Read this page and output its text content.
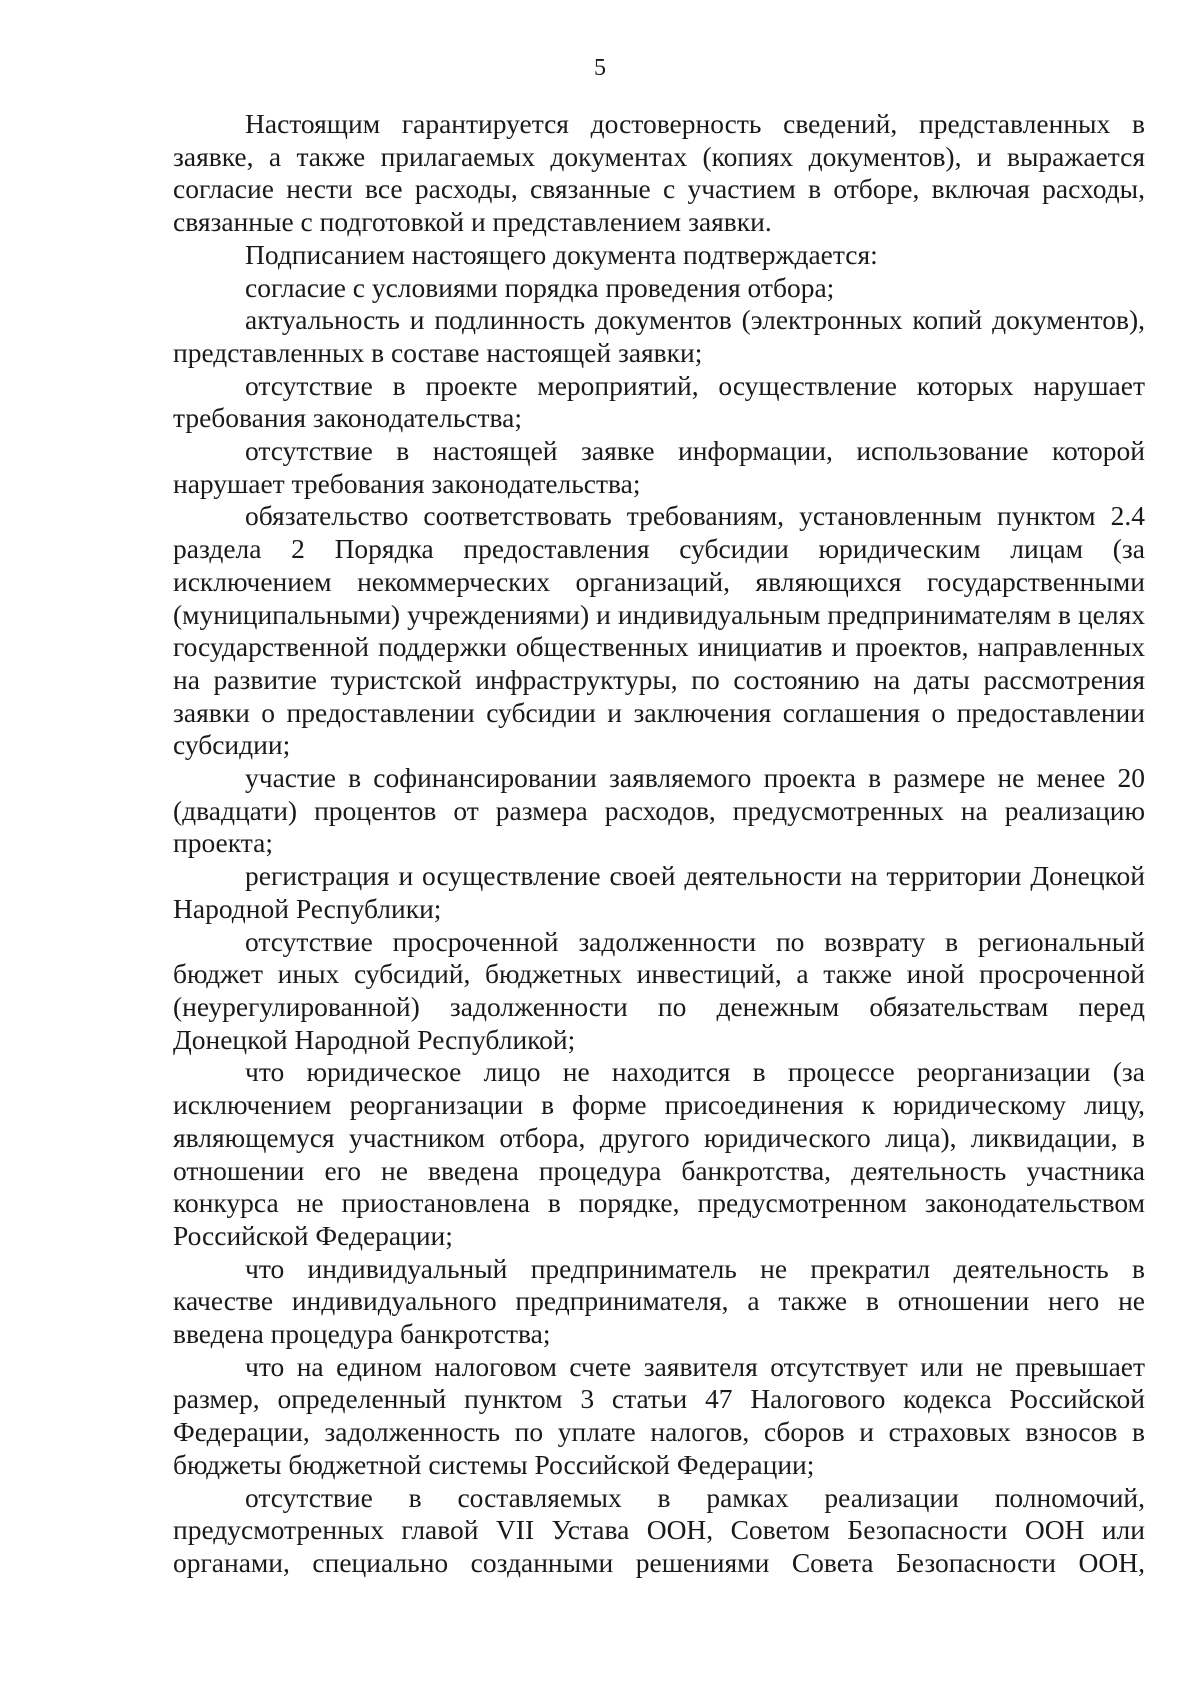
5

Настоящим гарантируется достоверность сведений, представленных в заявке, а также прилагаемых документах (копиях документов), и выражается согласие нести все расходы, связанные с участием в отборе, включая расходы, связанные с подготовкой и представлением заявки.

Подписанием настоящего документа подтверждается:

согласие с условиями порядка проведения отбора;

актуальность и подлинность документов (электронных копий документов), представленных в составе настоящей заявки;

отсутствие в проекте мероприятий, осуществление которых нарушает требования законодательства;

отсутствие в настоящей заявке информации, использование которой нарушает требования законодательства;

обязательство соответствовать требованиям, установленным пунктом 2.4 раздела 2 Порядка предоставления субсидии юридическим лицам (за исключением некоммерческих организаций, являющихся государственными (муниципальными) учреждениями) и индивидуальным предпринимателям в целях государственной поддержки общественных инициатив и проектов, направленных на развитие туристской инфраструктуры, по состоянию на даты рассмотрения заявки о предоставлении субсидии и заключения соглашения о предоставлении субсидии;

участие в софинансировании заявляемого проекта в размере не менее 20 (двадцати) процентов от размера расходов, предусмотренных на реализацию проекта;

регистрация и осуществление своей деятельности на территории Донецкой Народной Республики;

отсутствие просроченной задолженности по возврату в региональный бюджет иных субсидий, бюджетных инвестиций, а также иной просроченной (неурегулированной) задолженности по денежным обязательствам перед Донецкой Народной Республикой;

что юридическое лицо не находится в процессе реорганизации (за исключением реорганизации в форме присоединения к юридическому лицу, являющемуся участником отбора, другого юридического лица), ликвидации, в отношении его не введена процедура банкротства, деятельность участника конкурса не приостановлена в порядке, предусмотренном законодательством Российской Федерации;

что индивидуальный предприниматель не прекратил деятельность в качестве индивидуального предпринимателя, а также в отношении него не введена процедура банкротства;

что на едином налоговом счете заявителя отсутствует или не превышает размер, определенный пунктом 3 статьи 47 Налогового кодекса Российской Федерации, задолженность по уплате налогов, сборов и страховых взносов в бюджеты бюджетной системы Российской Федерации;

отсутствие в составляемых в рамках реализации полномочий, предусмотренных главой VII Устава ООН, Советом Безопасности ООН или органами, специально созданными решениями Совета Безопасности ООН,
